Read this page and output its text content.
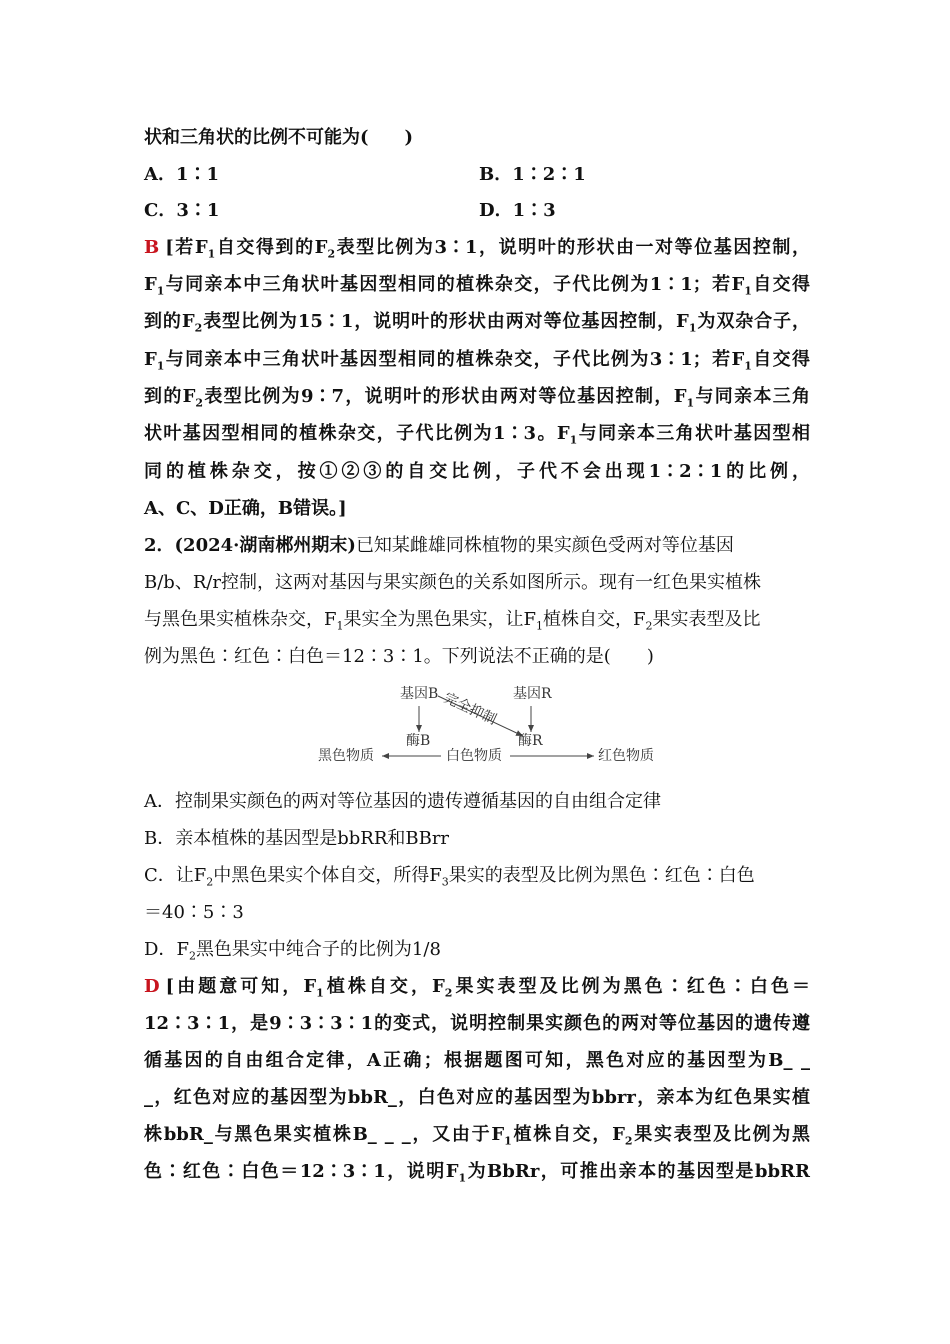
状和三角状的比例不可能为(　　)
A．1∶1	B．1∶2∶1
C．3∶1	D．1∶3
B [若$F_1$自交得到的$F_2$表型比例为3∶1，说明叶的形状由一对等位基因控制，
$F_1$与同亲本中三角状叶基因型相同的植株杂交，子代比例为1∶1；若$F_1$自交得
到的$F_2$表型比例为15∶1，说明叶的形状由两对等位基因控制，$F_1$为双杂合子，
$F_1$与同亲本中三角状叶基因型相同的植株杂交，子代比例为3∶1；若$F_1$自交得
到的$F_2$表型比例为9∶7，说明叶的形状由两对等位基因控制，$F_1$与同亲本三角
状叶基因型相同的植株杂交，子代比例为1∶3。$F_1$与同亲本三角状叶基因型相
同的植株杂交，按①②③的自交比例，子代不会出现1∶2∶1的比例，
A、C、D正确，B错误。]
2．(2024·湖南郴州期末)已知某雌雄同株植物的果实颜色受两对等位基因
B/b、R/r控制，这两对基因与果实颜色的关系如图所示。现有一红色果实植株
与黑色果实植株杂交，$F_1$果实全为黑色果实，让$F_1$植株自交，$F_2$果实表型及比
例为黑色∶红色∶白色＝12∶3∶1。下列说法不正确的是(　　)
基因B	基因R
完全抑制
酶B	酶R
黑色物质	白色物质	红色物质
A．控制果实颜色的两对等位基因的遗传遵循基因的自由组合定律
B．亲本植株的基因型是bbRR和BBrr
C．让$F_2$中黑色果实个体自交，所得$F_3$果实的表型及比例为黑色∶红色∶白色
＝40∶5∶3
D．$F_2$黑色果实中纯合子的比例为1/8
D [由题意可知，$F_1$植株自交，$F_2$果实表型及比例为黑色∶红色∶白色＝
12∶3∶1，是9∶3∶3∶1的变式，说明控制果实颜色的两对等位基因的遗传遵
循基因的自由组合定律，A正确；根据题图可知，黑色对应的基因型为B_ _
_，红色对应的基因型为bbR_，白色对应的基因型为bbrr，亲本为红色果实植
株bbR_与黑色果实植株B_ _ _，又由于$F_1$植株自交，$F_2$果实表型及比例为黑
色∶红色∶白色＝12∶3∶1，说明$F_1$为BbRr，可推出亲本的基因型是bbRR
